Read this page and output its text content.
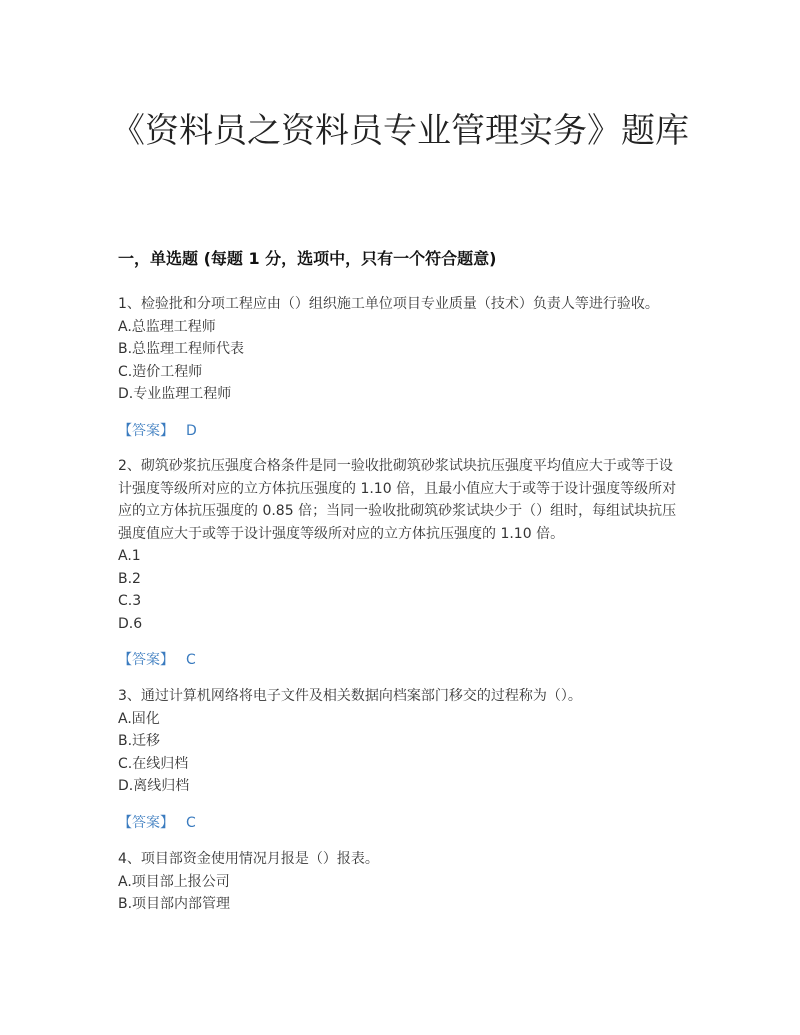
《资料员之资料员专业管理实务》题库
一，单选题 (每题 1 分，选项中，只有一个符合题意)

1、检验批和分项工程应由（）组织施工单位项目专业质量（技术）负责人等进行验收。

A.总监理工程师

B.总监理工程师代表

C.造价工程师

D.专业监理工程师

【答案】 D

2、砌筑砂浆抗压强度合格条件是同一验收批砌筑砂浆试块抗压强度平均值应大于或等于设计强度等级所对应的立方体抗压强度的 1.10 倍，且最小值应大于或等于设计强度等级所对应的立方体抗压强度的 0.85 倍；当同一验收批砌筑砂浆试块少于（）组时，每组试块抗压强度值应大于或等于设计强度等级所对应的立方体抗压强度的 1.10 倍。

A.1

B.2

C.3

D.6

【答案】 C

3、通过计算机网络将电子文件及相关数据向档案部门移交的过程称为（）。

A.固化

B.迁移

C.在线归档

D.离线归档

【答案】 C

4、项目部资金使用情况月报是（）报表。

A.项目部上报公司

B.项目部内部管理
